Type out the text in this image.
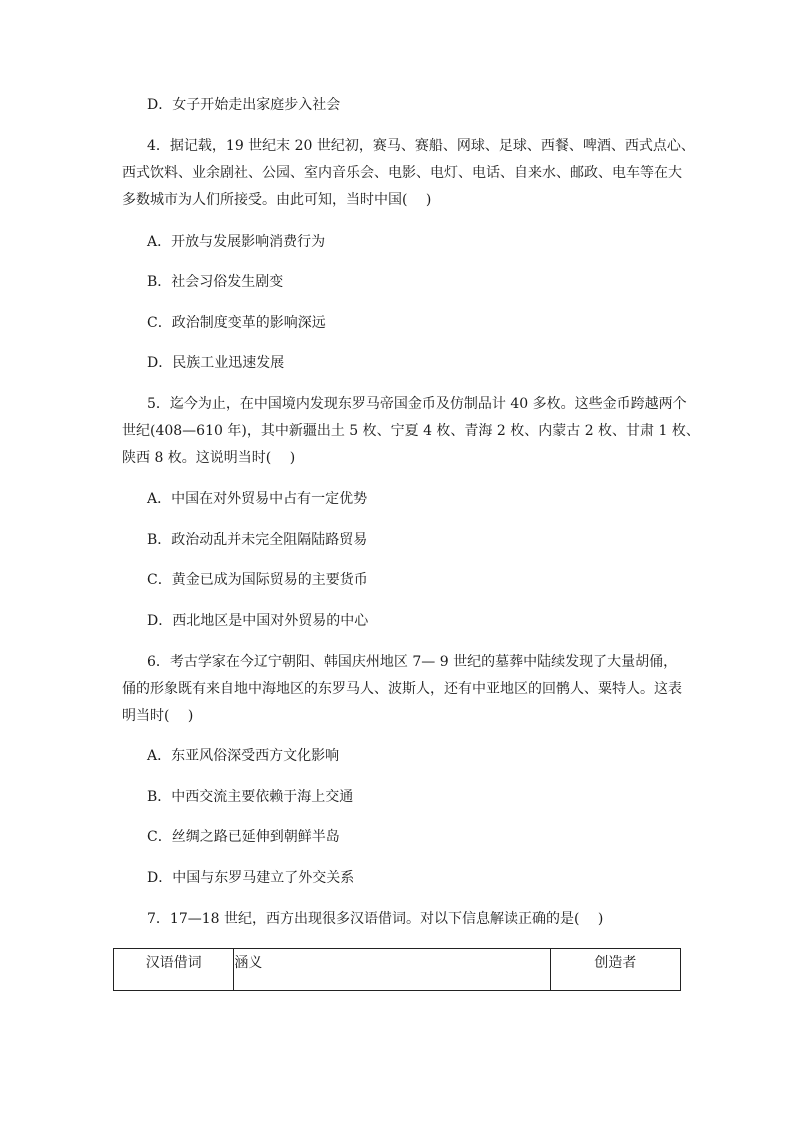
D．女子开始走出家庭步入社会
4．据记载，19 世纪末 20 世纪初，赛马、赛船、网球、足球、西餐、啤酒、西式点心、
西式饮料、业余剧社、公园、室内音乐会、电影、电灯、电话、自来水、邮政、电车等在大
多数城市为人们所接受。由此可知，当时中国(　 )
A．开放与发展影响消费行为
B．社会习俗发生剧变
C．政治制度变革的影响深远
D．民族工业迅速发展
5．迄今为止，在中国境内发现东罗马帝国金币及仿制品计 40 多枚。这些金币跨越两个
世纪(408—610 年)，其中新疆出土 5 枚、宁夏 4 枚、青海 2 枚、内蒙古 2 枚、甘肃 1 枚、
陕西 8 枚。这说明当时(　 )
A．中国在对外贸易中占有一定优势
B．政治动乱并未完全阻隔陆路贸易
C．黄金已成为国际贸易的主要货币
D．西北地区是中国对外贸易的中心
6．考古学家在今辽宁朝阳、韩国庆州地区 7— 9 世纪的墓葬中陆续发现了大量胡俑，
俑的形象既有来自地中海地区的东罗马人、波斯人，还有中亚地区的回鹘人、粟特人。这表
明当时(　 )
A．东亚风俗深受西方文化影响
B．中西交流主要依赖于海上交通
C．丝绸之路已延伸到朝鲜半岛
D．中国与东罗马建立了外交关系
7．17—18 世纪，西方出现很多汉语借词。对以下信息解读正确的是(　 )
汉语借词	涵义	创造者
